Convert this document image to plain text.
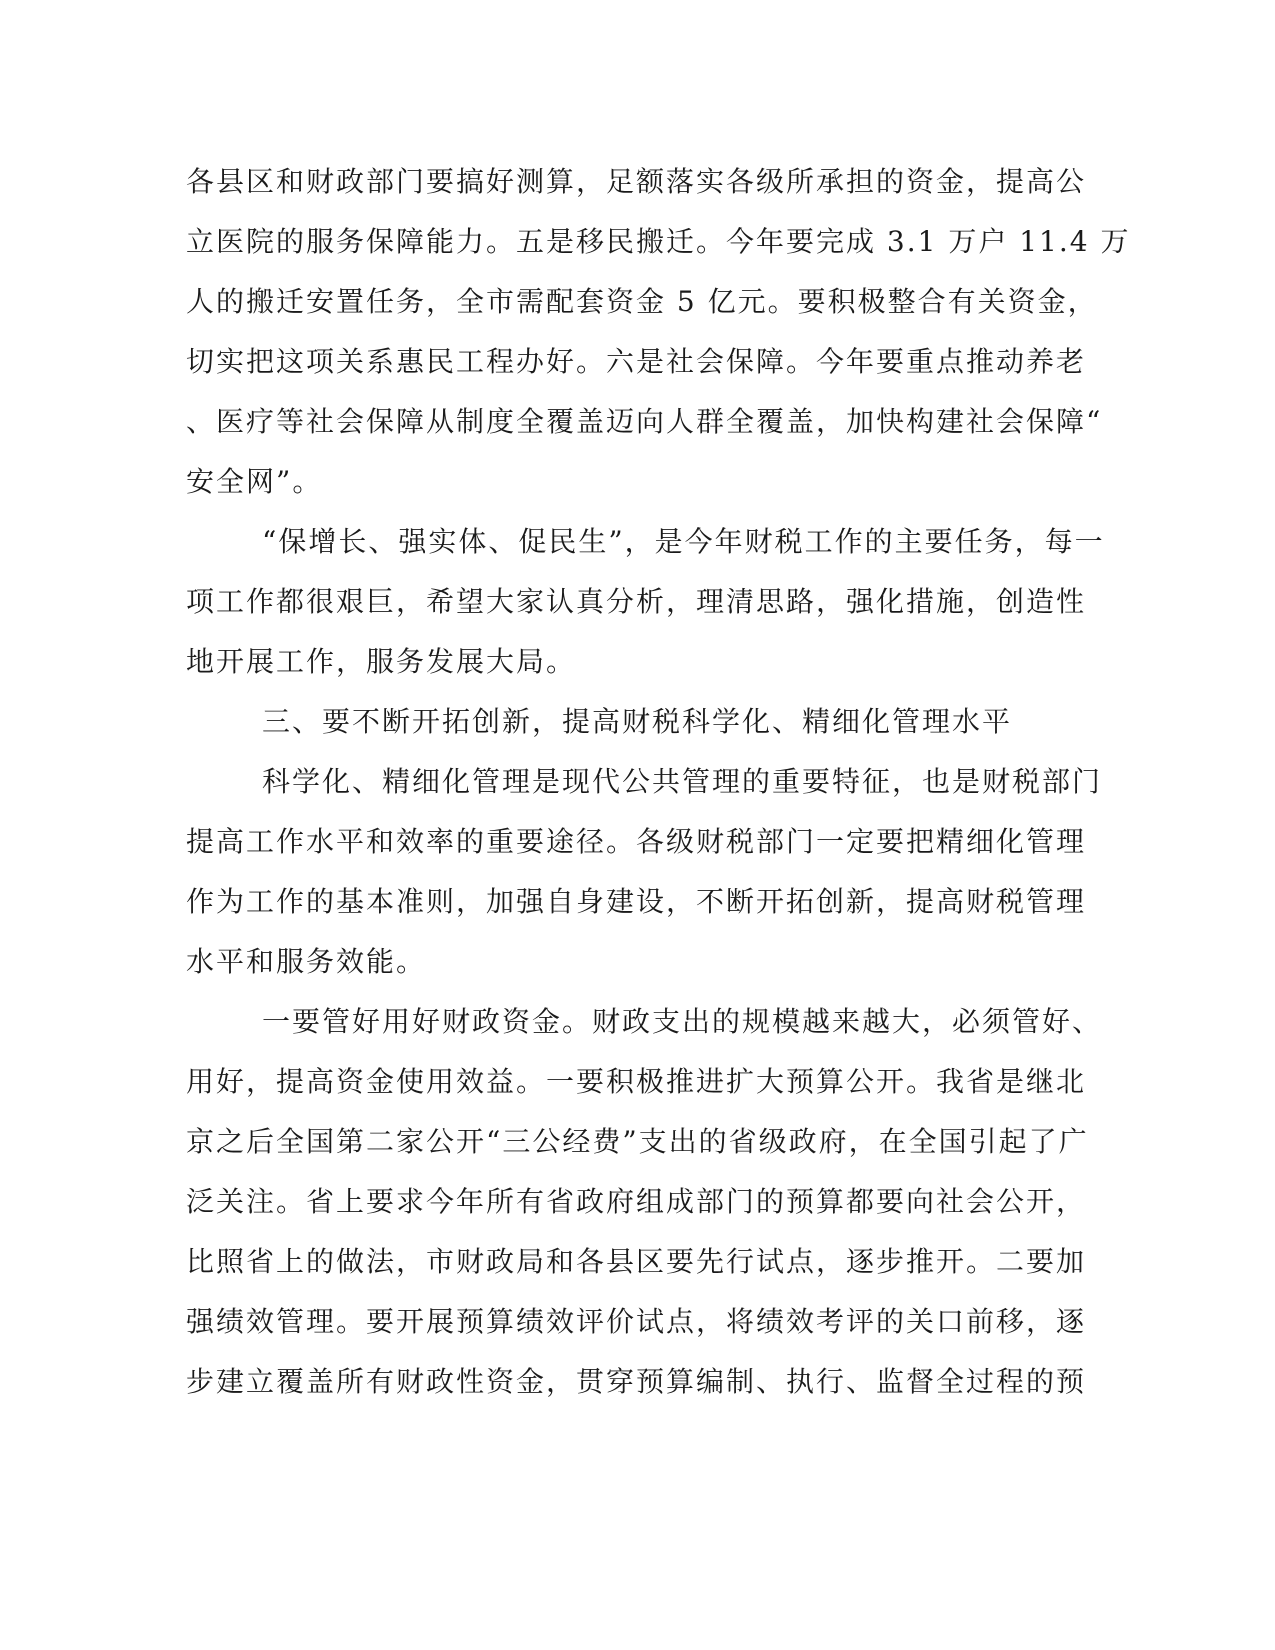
各县区和财政部门要搞好测算，足额落实各级所承担的资金，提高公
立医院的服务保障能力。五是移民搬迁。今年要完成 3.1 万户 11.4 万
人的搬迁安置任务，全市需配套资金 5 亿元。要积极整合有关资金，
切实把这项关系惠民工程办好。六是社会保障。今年要重点推动养老
、医疗等社会保障从制度全覆盖迈向人群全覆盖，加快构建社会保障“
安全网”。
“保增长、强实体、促民生”，是今年财税工作的主要任务，每一
项工作都很艰巨，希望大家认真分析，理清思路，强化措施，创造性
地开展工作，服务发展大局。
三、要不断开拓创新，提高财税科学化、精细化管理水平
科学化、精细化管理是现代公共管理的重要特征，也是财税部门
提高工作水平和效率的重要途径。各级财税部门一定要把精细化管理
作为工作的基本准则，加强自身建设，不断开拓创新，提高财税管理
水平和服务效能。
一要管好用好财政资金。财政支出的规模越来越大，必须管好、
用好，提高资金使用效益。一要积极推进扩大预算公开。我省是继北
京之后全国第二家公开“三公经费”支出的省级政府，在全国引起了广
泛关注。省上要求今年所有省政府组成部门的预算都要向社会公开，
比照省上的做法，市财政局和各县区要先行试点，逐步推开。二要加
强绩效管理。要开展预算绩效评价试点，将绩效考评的关口前移，逐
步建立覆盖所有财政性资金，贯穿预算编制、执行、监督全过程的预
